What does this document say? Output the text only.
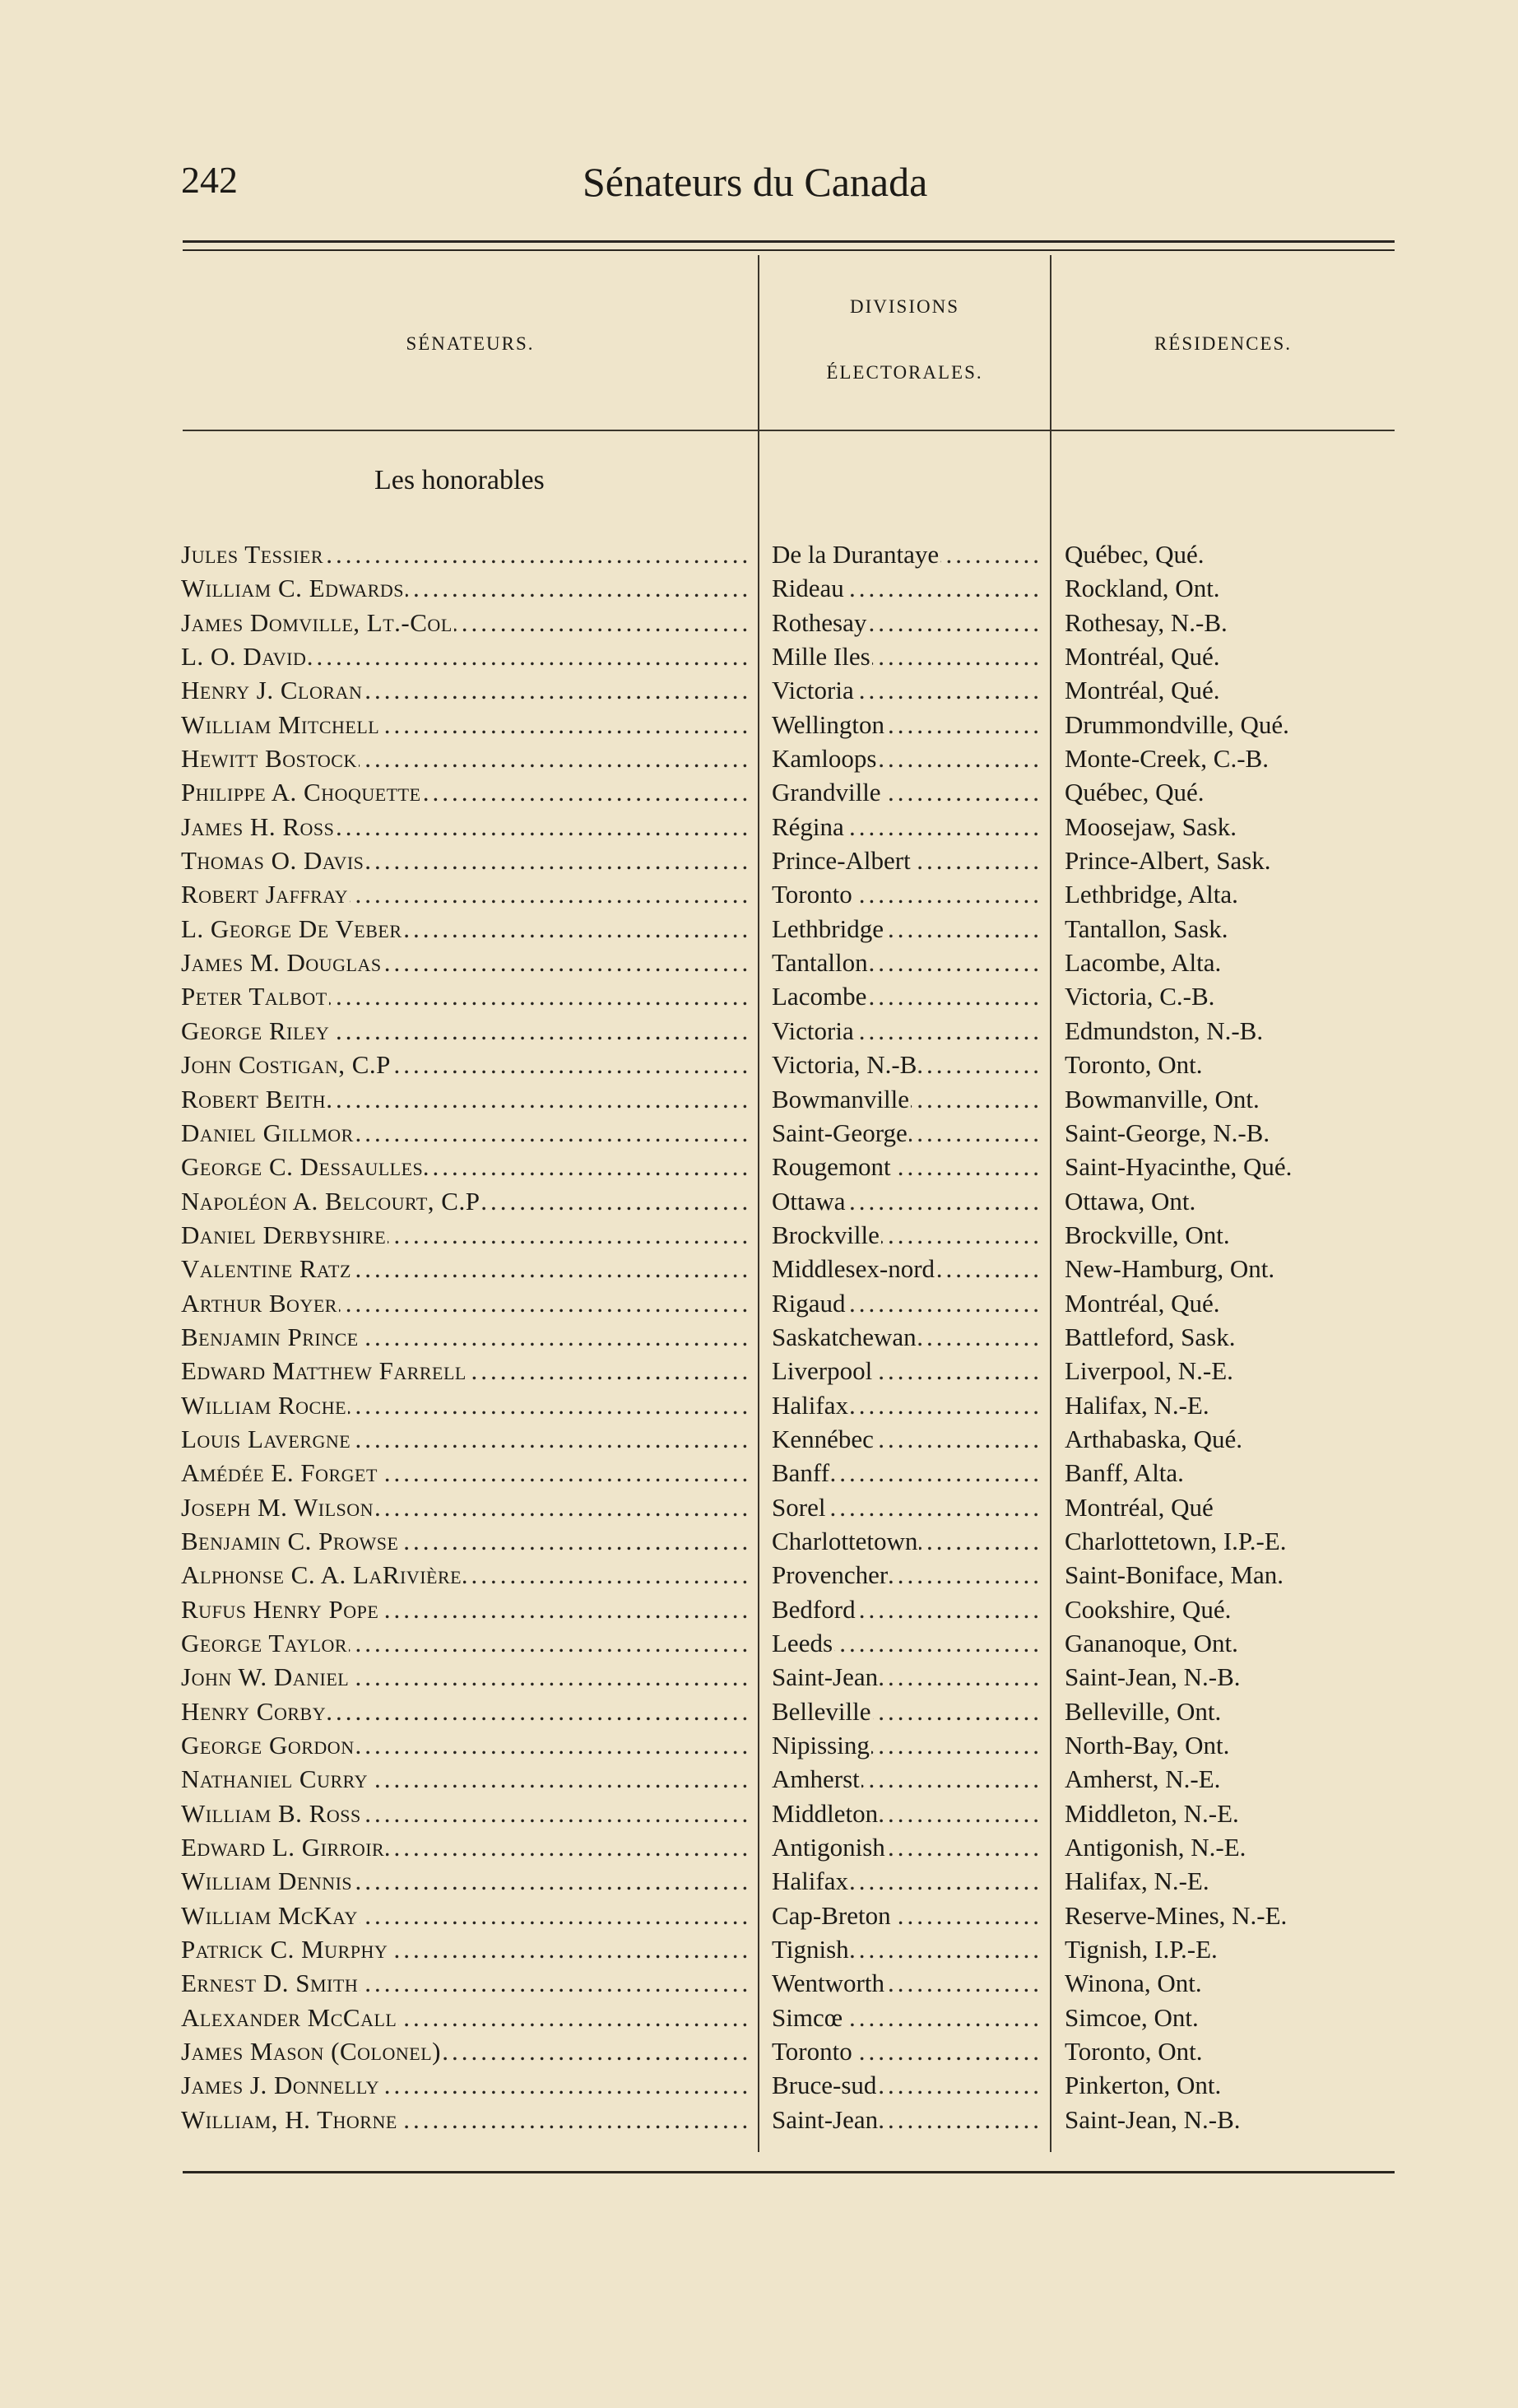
242	Sénateurs du Canada
SÉNATEURS.
DIVISIONS
ÉLECTORALES.
RÉSIDENCES.
Les honorables
Jules Tessier .....	De la Durantaye .....	Québec, Qué.
William C. Edwards .....	Rideau .....	Rockland, Ont.
James Domville, Lt.-Col .....	Rothesay .....	Rothesay, N.-B.
L. O. David .....	Mille Iles .....	Montréal, Qué.
Henry J. Cloran .....	Victoria .....	Montréal, Qué.
William Mitchell .....	Wellington .....	Drummondville, Qué.
Hewitt Bostock .....	Kamloops .....	Monte-Creek, C.-B.
Philippe A. Choquette .....	Grandville .....	Québec, Qué.
James H. Ross .....	Régina .....	Moosejaw, Sask.
Thomas O. Davis .....	Prince-Albert .....	Prince-Albert, Sask.
Robert Jaffray .....	Toronto .....	Lethbridge, Alta.
L. George De Veber .....	Lethbridge .....	Tantallon, Sask.
James M. Douglas .....	Tantallon .....	Lacombe, Alta.
Peter Talbot .....	Lacombe .....	Victoria, C.-B.
George Riley .....	Victoria .....	Edmundston, N.-B.
John Costigan, C.P .....	Victoria, N.-B .....	Toronto, Ont.
Robert Beith .....	Bowmanville .....	Bowmanville, Ont.
Daniel Gillmor .....	Saint-George .....	Saint-George, N.-B.
George C. Dessaulles .....	Rougemont .....	Saint-Hyacinthe, Qué.
Napoléon A. Belcourt, C.P .....	Ottawa .....	Ottawa, Ont.
Daniel Derbyshire .....	Brockville .....	Brockville, Ont.
Valentine Ratz .....	Middlesex-nord .....	New-Hamburg, Ont.
Arthur Boyer .....	Rigaud .....	Montréal, Qué.
Benjamin Prince .....	Saskatchewan .....	Battleford, Sask.
Edward Matthew Farrell .....	Liverpool .....	Liverpool, N.-E.
William Roche .....	Halifax .....	Halifax, N.-E.
Louis Lavergne .....	Kennébec .....	Arthabaska, Qué.
Amédée E. Forget .....	Banff .....	Banff, Alta.
Joseph M. Wilson .....	Sorel .....	Montréal, Qué
Benjamin C. Prowse .....	Charlottetown .....	Charlottetown, I.P.-E.
Alphonse C. A. LaRivière .....	Provencher .....	Saint-Boniface, Man.
Rufus Henry Pope .....	Bedford .....	Cookshire, Qué.
George Taylor .....	Leeds .....	Gananoque, Ont.
John W. Daniel .....	Saint-Jean .....	Saint-Jean, N.-B.
Henry Corby .....	Belleville .....	Belleville, Ont.
George Gordon .....	Nipissing .....	North-Bay, Ont.
Nathaniel Curry .....	Amherst .....	Amherst, N.-E.
William B. Ross .....	Middleton .....	Middleton, N.-E.
Edward L. Girroir .....	Antigonish .....	Antigonish, N.-E.
William Dennis .....	Halifax .....	Halifax, N.-E.
William McKay .....	Cap-Breton .....	Reserve-Mines, N.-E.
Patrick C. Murphy .....	Tignish .....	Tignish, I.P.-E.
Ernest D. Smith .....	Wentworth .....	Winona, Ont.
Alexander McCall .....	Simcœ .....	Simcoe, Ont.
James Mason (Colonel) .....	Toronto .....	Toronto, Ont.
James J. Donnelly .....	Bruce-sud .....	Pinkerton, Ont.
William, H. Thorne .....	Saint-Jean .....	Saint-Jean, N.-B.
